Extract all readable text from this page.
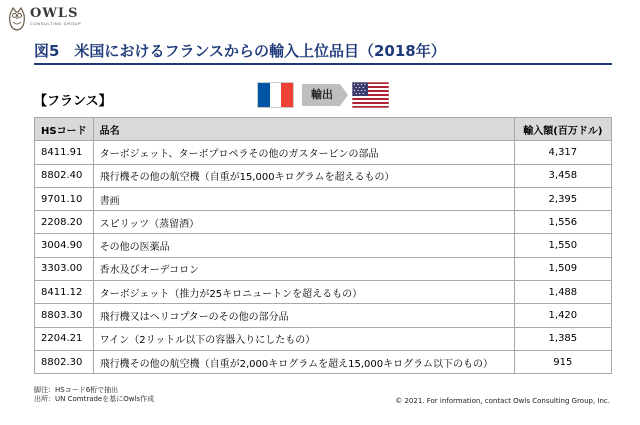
OWLS
CONSULTING GROUP
図5　米国におけるフランスからの輸入上位品目（2018年）
【フランス】	輸出
HSコード	品名	輸入額(百万ドル)
8411.91	ターボジェット、ターボプロペラその他のガスタービンの部品	4,317
8802.40	飛行機その他の航空機（自重が15,000キログラムを超えるもの）	3,458
9701.10	書画	2,395
2208.20	スピリッツ（蒸留酒）	1,556
3004.90	その他の医薬品	1,550
3303.00	香水及びオーデコロン	1,509
8411.12	ターボジェット（推力が25キロニュートンを超えるもの）	1,488
8803.30	飛行機又はヘリコプターのその他の部分品	1,420
2204.21	ワイン（2リットル以下の容器入りにしたもの）	1,385
8802.30	飛行機その他の航空機（自重が2,000キログラムを超え15,000キログラム以下のもの）	915
脚注：HSコード6桁で抽出
出所：UN Comtradeを基にOwls作成	© 2021. For information, contact Owls Consulting Group, Inc.
